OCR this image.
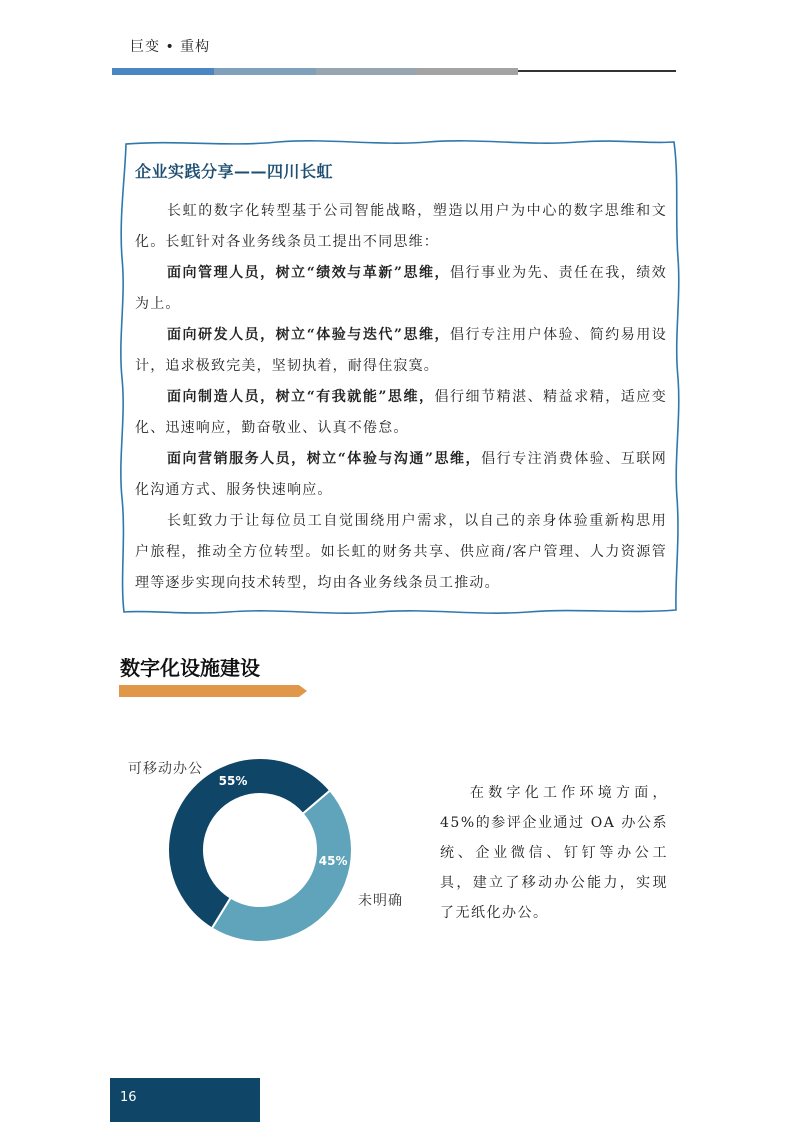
巨变 • 重构
企业实践分享——四川长虹

长虹的数字化转型基于公司智能战略，塑造以用户为中心的数字思维和文化。长虹针对各业务线条员工提出不同思维：

面向管理人员，树立“绩效与革新”思维，倡行事业为先、责任在我，绩效为上。

面向研发人员，树立“体验与迭代”思维，倡行专注用户体验、简约易用设计，追求极致完美，坚韧执着，耐得住寂寞。

面向制造人员，树立“有我就能”思维，倡行细节精湛、精益求精，适应变化、迅速响应，勤奋敬业、认真不倦怠。

面向营销服务人员，树立“体验与沟通”思维，倡行专注消费体验、互联网化沟通方式、服务快速响应。

长虹致力于让每位员工自觉围绕用户需求，以自己的亲身体验重新构思用户旅程，推动全方位转型。如长虹的财务共享、供应商/客户管理、人力资源管理等逐步实现向技术转型，均由各业务线条员工推动。

数字化设施建设
45%
55%
可移动办公
未明确

在数字化工作环境方面，45%的参评企业通过 OA 办公系统、企业微信、钉钉等办公工具，建立了移动办公能力，实现了无纸化办公。

16
